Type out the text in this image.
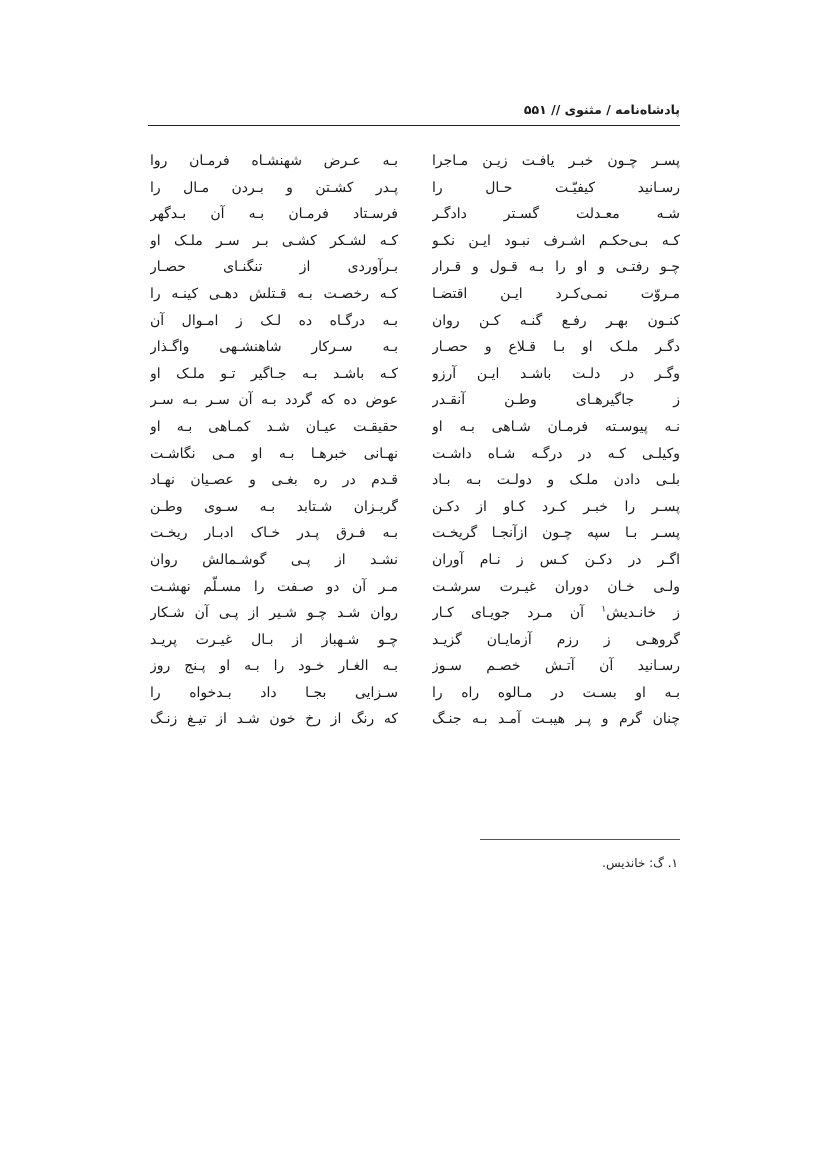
پادشاه‌نامه / مثنوی // ۵۵۱
پسـر چـون خبـر یافـت زیـن مـاجرا
رسـانید کیفیّـت حـال را
شـه معـدلت گسـتر دادگـر
کـه بـی‌حکـم اشـرف نبـود ایـن نکـو
چـو رفتـی و او را بـه قـول و قـرار
مـروّت نمـی‌کـرد ایـن اقتضـا
کنـون بهـر رفـع گنـه کـن روان
دگـر ملـک او بـا قـلاع و حصـار
وگـر در دلـت باشـد ایـن آرزو
ز جاگیرهـای وطـن آنقـدر
نـه پیوسـته فرمـان شـاهی بـه او
وکیلـی کـه در درگـه شـاه داشـت
بلـی دادن ملـک و دولـت بـه بـاد
پسـر را خبـر کـرد کـاو از دکـن
پسـر بـا سپه چـون ازآنجـا گریخـت
اگـر در دکـن کـس ز نـام آوران
ولـی خـان دوران غیـرت سرشـت
ز خانـدیش$^۱$ آن مـرد جویـای کـار
گروهـی ز رزم آزمایـان گزیـد
رسـانید آن آتـش خصـم سـوز
بـه او بسـت در مـالوه راه را
چنان گرم و پـر هیبـت آمـد بـه جنـگ
بـه عـرض شهنشـاه فرمـان روا
پـدر کشـتن و بـردن مـال را
فرسـتاد فرمـان بـه آن بـدگهر
کـه لشـکر کشـی بـر سـر ملـک او
بـرآوردی از تنگنـای حصـار
کـه رخصـت بـه قـتلش دهـی کینـه را
بـه درگـاه ده لـک ز امـوال آن
بـه سـرکار شاهنشـهی واگـذار
کـه باشـد بـه جـاگیر تـو ملـک او
عوض ده که گردد بـه آن سـر بـه سـر
حقیقـت عیـان شـد کمـاهی بـه او
نهـانی خبرهـا بـه او مـی نگاشـت
قـدم در ره بغـی و عصـیان نهـاد
گریـزان شـتابد بـه سـوی وطـن
بـه فـرق پـدر خـاک ادبـار ریخـت
نشـد از پـی گوشـمالش روان
مـر آن دو صـفت را مسـلّم نهشـت
روان شـد چـو شـیر از پـی آن شـکار
چـو شـهباز از بـال غیـرت پریـد
بـه الغـار خـود را بـه او پـنج روز
سـزایی بجـا داد بـدخواه را
که رنگ از رخ خون شـد از تیـغ زنـگ
۱. گ: خاندیس.
